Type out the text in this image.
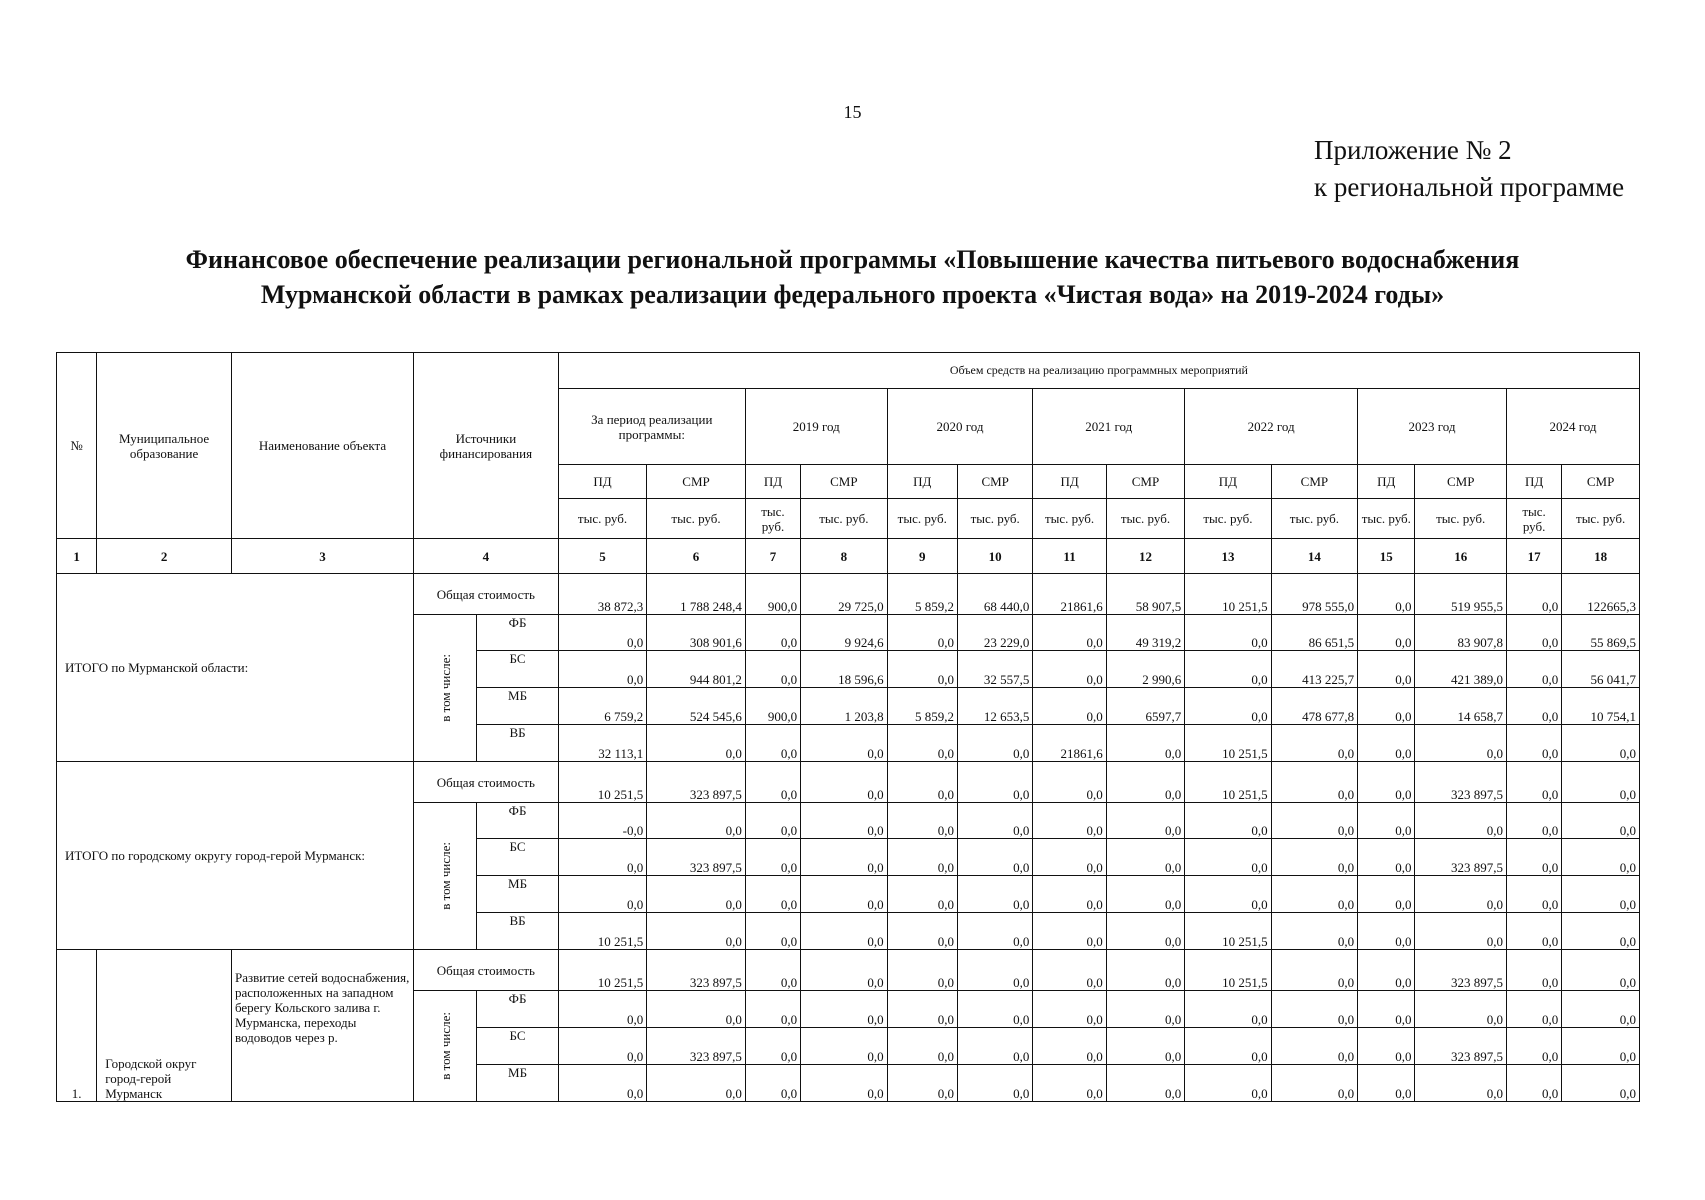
15
Приложение № 2
к региональной программе
Финансовое обеспечение реализации региональной программы «Повышение качества питьевого водоснабжения
Мурманской области в рамках реализации федерального проекта «Чистая вода» на 2019-2024 годы»
№	Муниципальное образование	Наименование объекта	Источники финансирования		Объем средств на реализацию программных мероприятий													
					За период реализации программы:		2019 год		2020 год		2021 год		2022 год		2023 год		2024 год	
					ПД	СМР	ПД	СМР	ПД	СМР	ПД	СМР	ПД	СМР	ПД	СМР	ПД	СМР
					тыс. руб.	тыс. руб.	тыс. руб.	тыс. руб.	тыс. руб.	тыс. руб.	тыс. руб.	тыс. руб.	тыс. руб.	тыс. руб.	тыс. руб.	тыс. руб.	тыс. руб.	тыс. руб.
1	2	3	4		5	6	7	8	9	10	11	12	13	14	15	16	17	18
ИТОГО по Мурманской области:			Общая стоимость		38 872,3	1 788 248,4	900,0	29 725,0	5 859,2	68 440,0	21861,6	58 907,5	10 251,5	978 555,0	0,0	519 955,5	0,0	122665,3

			в том числе:	ФБ	0,0	308 901,6	0,0	9 924,6	0,0	23 229,0	0,0	49 319,2	0,0	86 651,5	0,0	83 907,8	0,0	55 869,5
				БС	0,0	944 801,2	0,0	18 596,6	0,0	32 557,5	0,0	2 990,6	0,0	413 225,7	0,0	421 389,0	0,0	56 041,7
				МБ	6 759,2	524 545,6	900,0	1 203,8	5 859,2	12 653,5	0,0	6597,7	0,0	478 677,8	0,0	14 658,7	0,0	10 754,1
				ВБ	32 113,1	0,0	0,0	0,0	0,0	0,0	21861,6	0,0	10 251,5	0,0	0,0	0,0	0,0	0,0
ИТОГО по городскому округу город-герой Мурманск:			Общая стоимость		10 251,5	323 897,5	0,0	0,0	0,0	0,0	0,0	0,0	10 251,5	0,0	0,0	323 897,5	0,0	0,0

			в том числе:	ФБ	-0,0	0,0	0,0	0,0	0,0	0,0	0,0	0,0	0,0	0,0	0,0	0,0	0,0	0,0
				БС	0,0	323 897,5	0,0	0,0	0,0	0,0	0,0	0,0	0,0	0,0	0,0	323 897,5	0,0	0,0
				МБ	0,0	0,0	0,0	0,0	0,0	0,0	0,0	0,0	0,0	0,0	0,0	0,0	0,0	0,0
				ВБ	10 251,5	0,0	0,0	0,0	0,0	0,0	0,0	0,0	10 251,5	0,0	0,0	0,0	0,0	0,0
1.	Городской округ город-герой Мурманск	Развитие сетей водоснабжения, расположенных на западном берегу Кольского залива г. Мурманска, переходы водоводов через р.	Общая стоимость		10 251,5	323 897,5	0,0	0,0	0,0	0,0	0,0	0,0	10 251,5	0,0	0,0	323 897,5	0,0	0,0

			в том числе:	ФБ	0,0	0,0	0,0	0,0	0,0	0,0	0,0	0,0	0,0	0,0	0,0	0,0	0,0	0,0
				БС	0,0	323 897,5	0,0	0,0	0,0	0,0	0,0	0,0	0,0	0,0	0,0	323 897,5	0,0	0,0
				МБ	0,0	0,0	0,0	0,0	0,0	0,0	0,0	0,0	0,0	0,0	0,0	0,0	0,0	0,0
